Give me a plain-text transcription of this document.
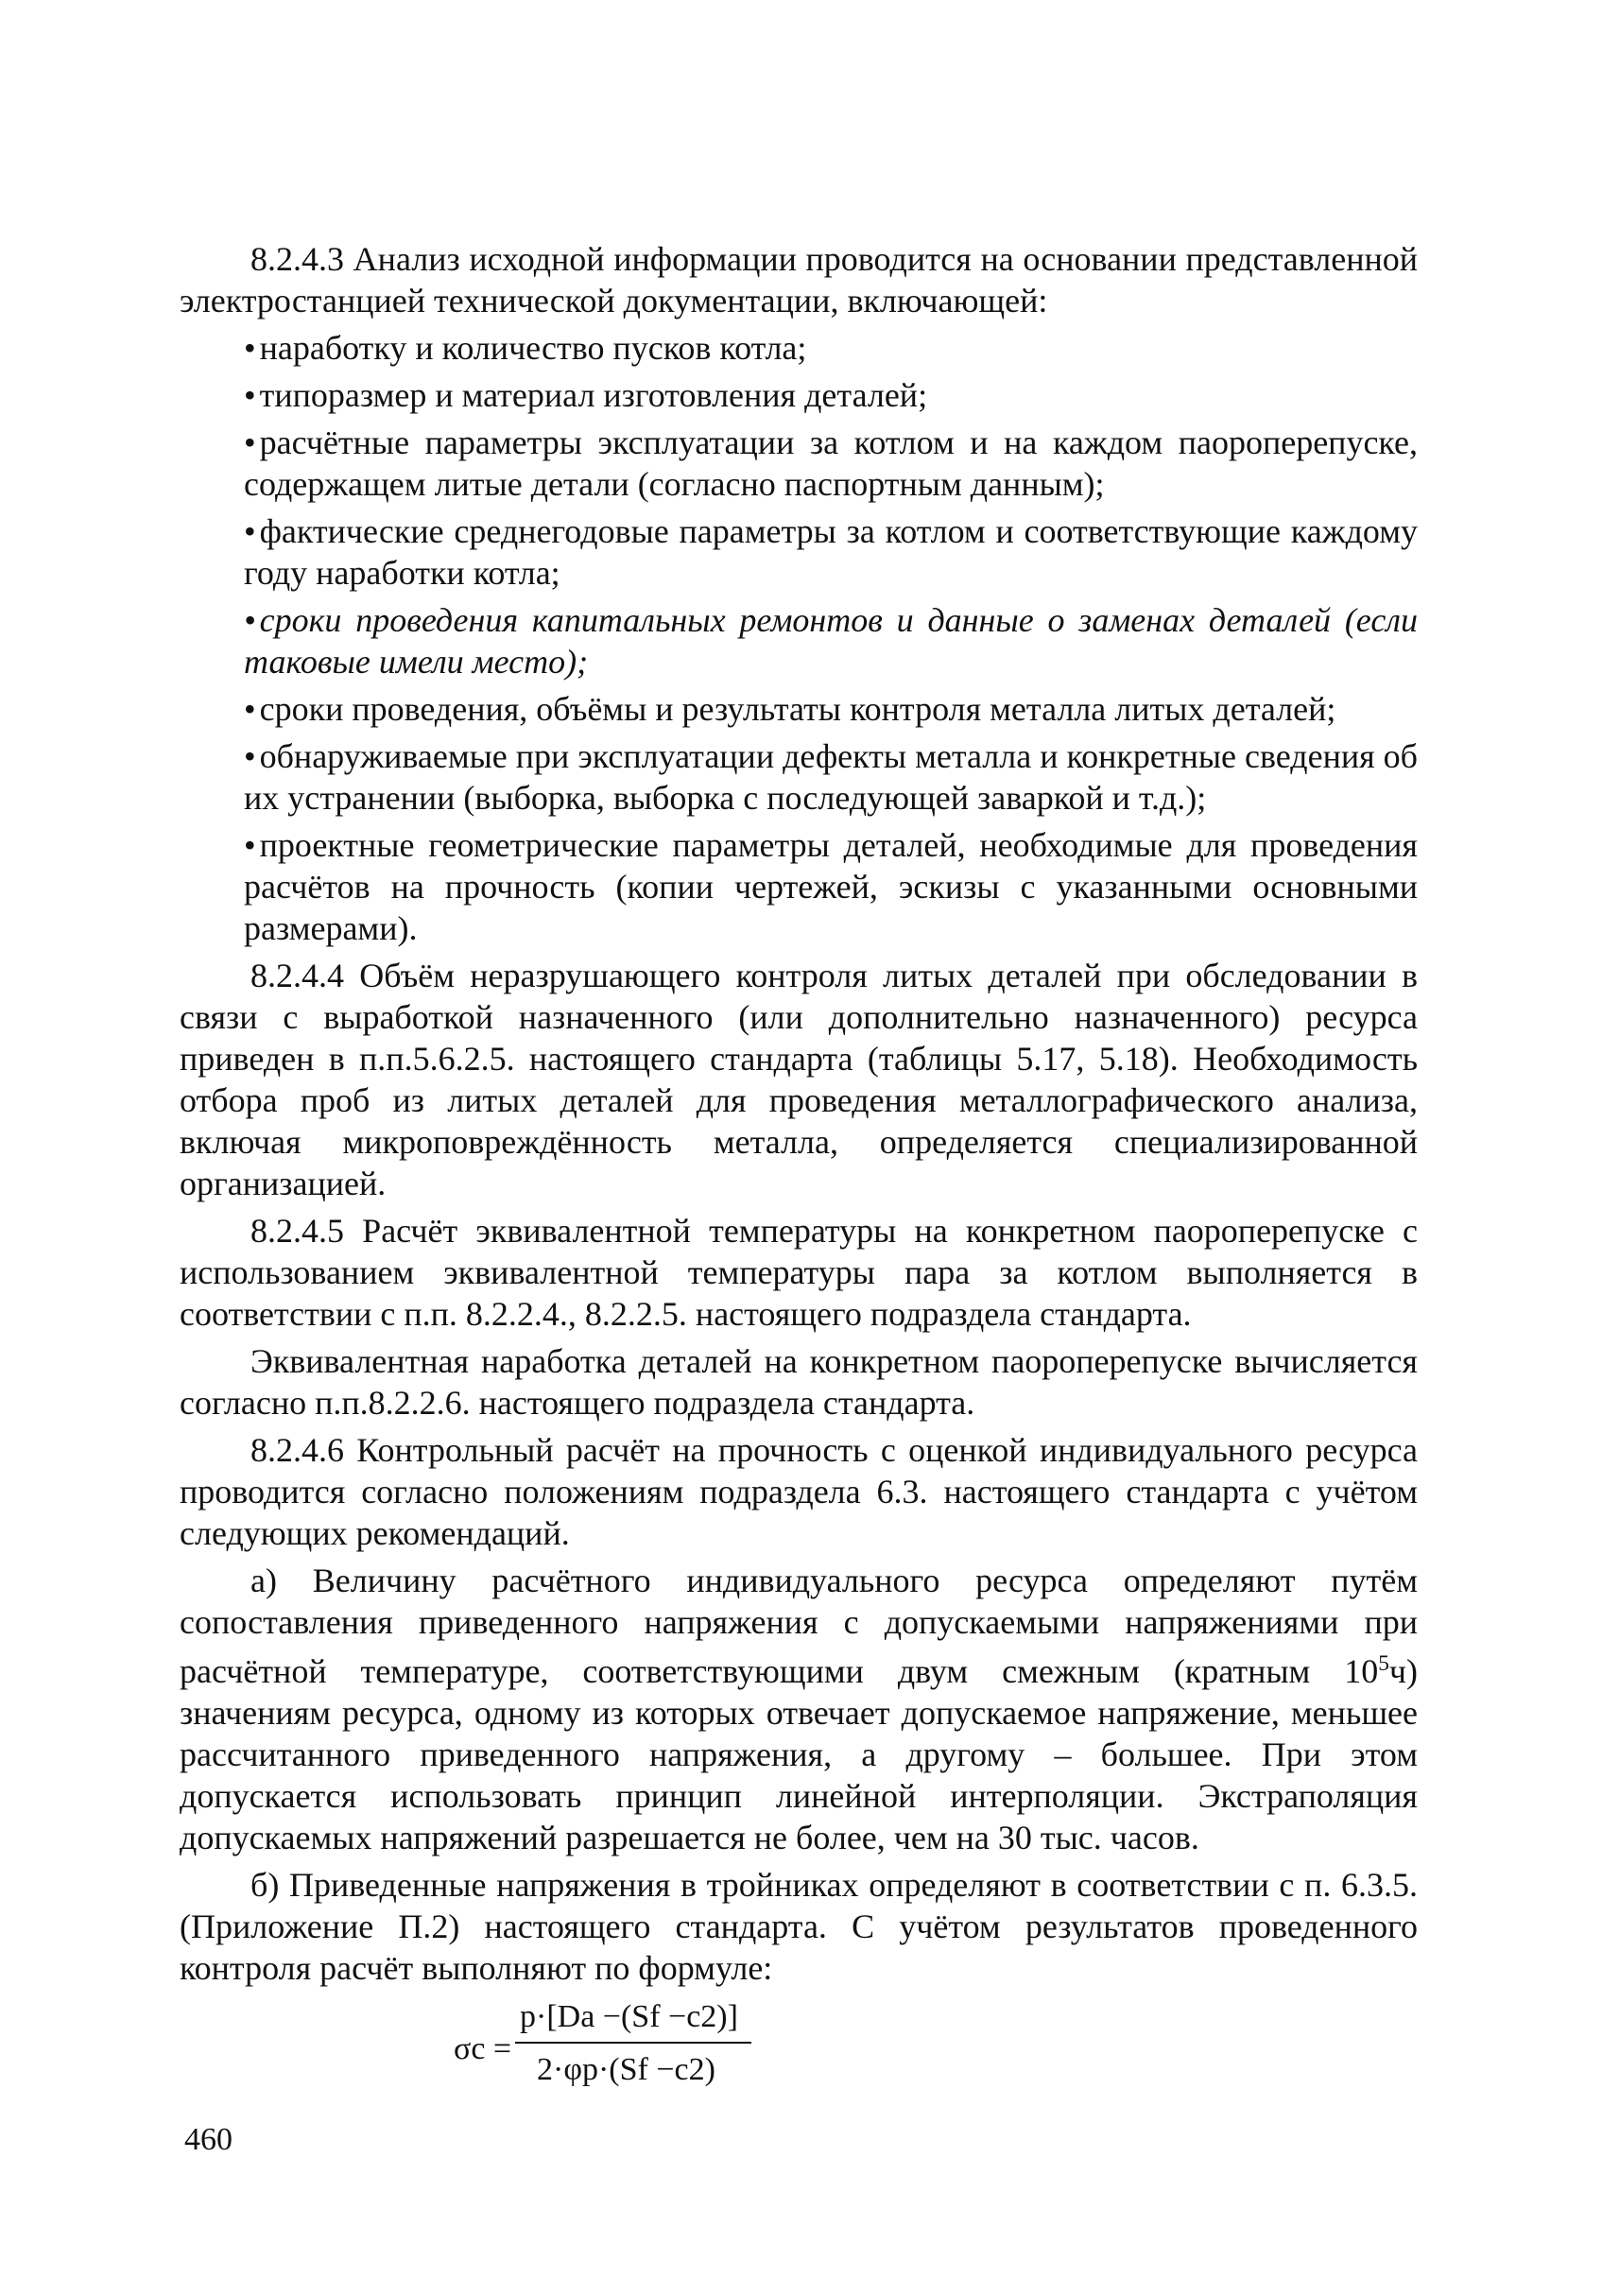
8.2.4.3 Анализ исходной информации проводится на основании представленной электростанцией технической документации, включающей:

• наработку и количество пусков котла;

• типоразмер и материал изготовления деталей;

• расчётные параметры эксплуатации за котлом и на каждом паороперепуске, содержащем литые детали (согласно паспортным данным);

• фактические среднегодовые параметры за котлом и соответствующие каждому году наработки котла;

• сроки проведения капитальных ремонтов и данные о заменах деталей (если таковые имели место);

• сроки проведения, объёмы и результаты контроля металла литых деталей;

• обнаруживаемые при эксплуатации дефекты металла и конкретные сведения об их устранении (выборка, выборка с последующей заваркой и т.д.);

• проектные геометрические параметры деталей, необходимые для проведения расчётов на прочность (копии чертежей, эскизы с указанными основными размерами).

8.2.4.4 Объём неразрушающего контроля литых деталей при обследовании в связи с выработкой назначенного (или дополнительно назначенного) ресурса приведен в п.п.5.6.2.5. настоящего стандарта (таблицы 5.17, 5.18). Необходимость отбора проб из литых деталей для проведения металлографического анализа, включая микроповреждённость металла, определяется специализированной организацией.

8.2.4.5 Расчёт эквивалентной температуры на конкретном паороперепуске с использованием эквивалентной температуры пара за котлом выполняется в соответствии с п.п. 8.2.2.4., 8.2.2.5. настоящего подраздела стандарта.

Эквивалентная наработка деталей на конкретном паороперепуске вычисляется согласно п.п.8.2.2.6. настоящего подраздела стандарта.

8.2.4.6 Контрольный расчёт на прочность с оценкой индивидуального ресурса проводится согласно положениям подраздела 6.3. настоящего стандарта с учётом следующих рекомендаций.

а) Величину расчётного индивидуального ресурса определяют путём сопоставления приведенного напряжения с допускаемыми напряжениями при расчётной температуре, соответствующими двум смежным (кратным $10^5ч$) значениям ресурса, одному из которых отвечает допускаемое напряжение, меньшее рассчитанного приведенного напряжения, а другому – большее. При этом допускается использовать принцип линейной интерполяции. Экстраполяция допускаемых напряжений разрешается не более, чем на 30 тыс. часов.

б) Приведенные напряжения в тройниках определяют в соответствии с п. 6.3.5.(Приложение П.2) настоящего стандарта. С учётом результатов проведенного контроля расчёт выполняют по формуле:

σc =
p·[Da −(Sf −c2)]
2·φp·(Sf −c2)
460
